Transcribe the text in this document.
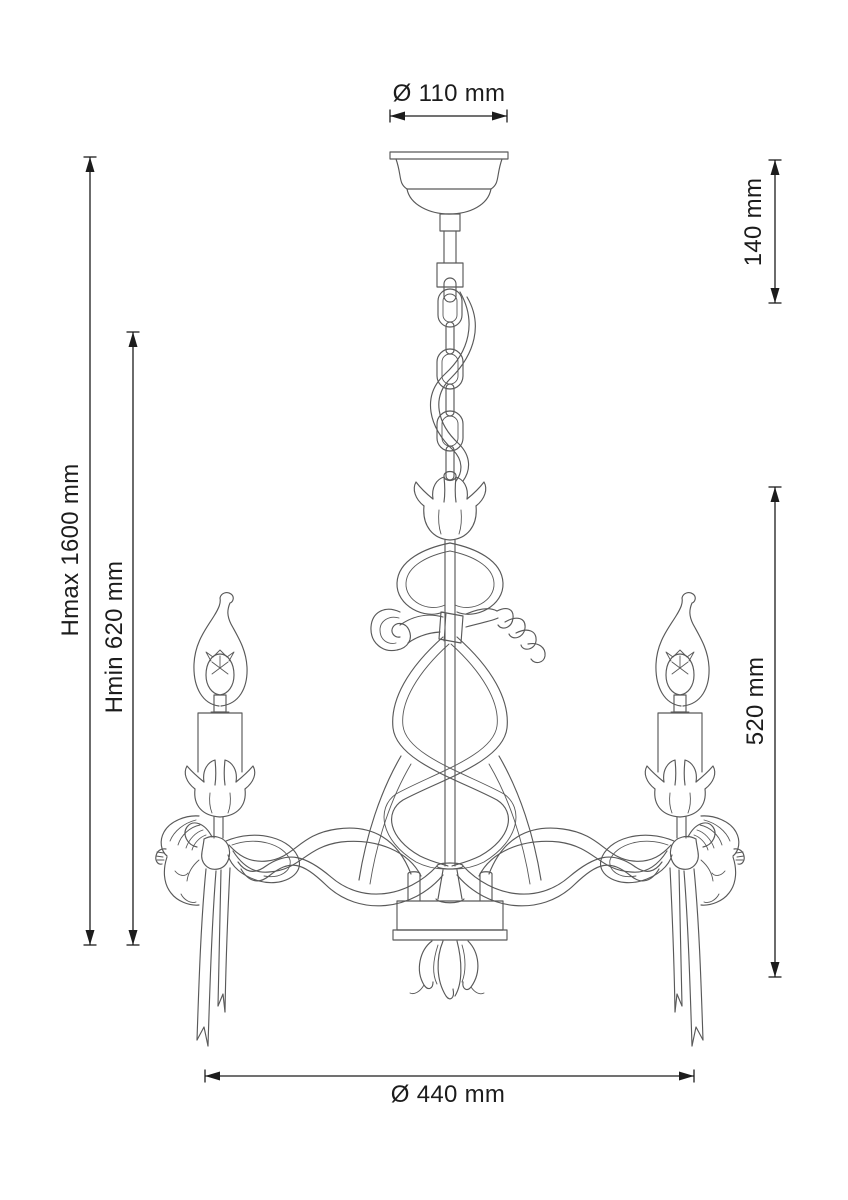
Ø 110 mm
140 mm
Hmax 1600 mm
Hmin 620 mm	520 mm
Ø 440 mm
